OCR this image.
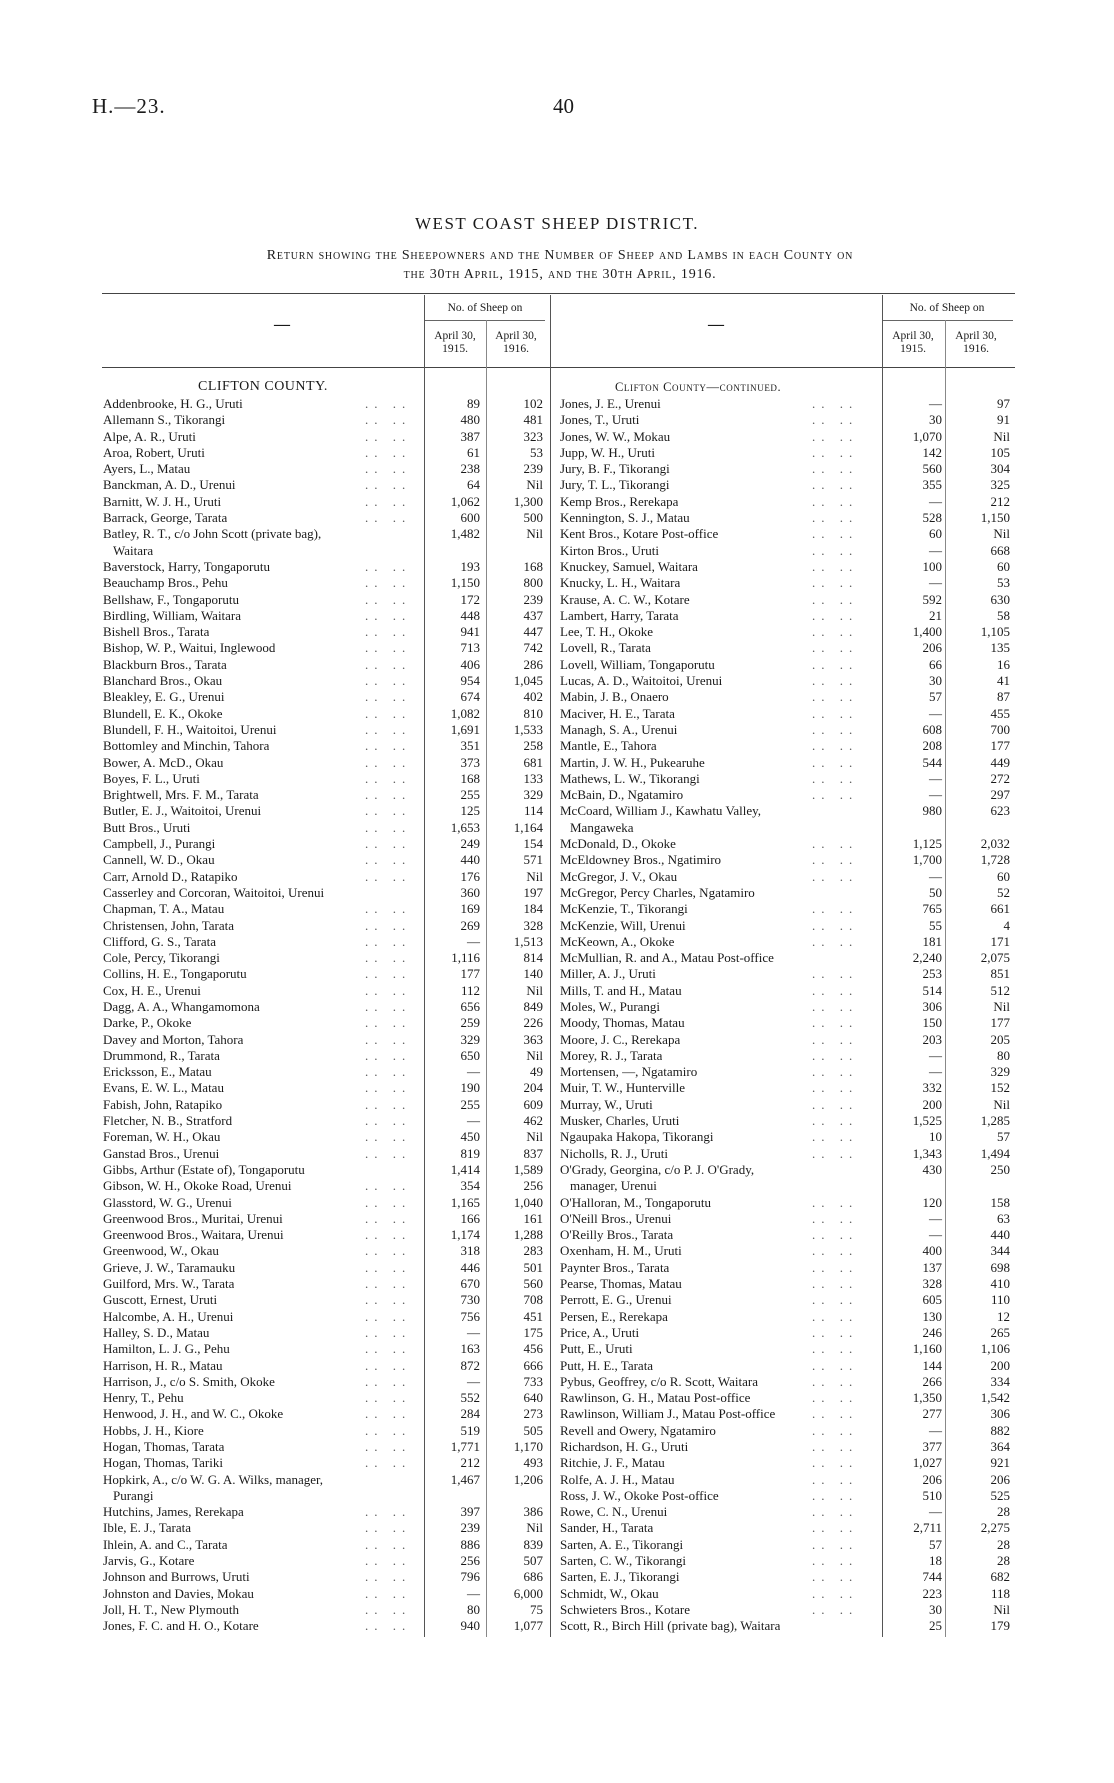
H.—23.	40
WEST COAST SHEEP DISTRICT.
Return showing the Sheepowners and the Number of Sheep and Lambs in each County on
the 30th April, 1915, and the 30th April, 1916.
—
No. of Sheep on
April 30, 1915.
April 30, 1916.
—
No. of Sheep on
April 30, 1915.
April 30, 1916.
CLIFTON COUNTY.	Clifton County—continued.
Addenbrooke, H. G., Uruti	.. ..	89	102
Allemann S., Tikorangi	.. ..	480	481
Alpe, A. R., Uruti	.. ..	387	323
Aroa, Robert, Uruti	.. ..	61	53
Ayers, L., Matau	.. ..	238	239
Banckman, A. D., Urenui	.. ..	64	Nil
Barnitt, W. J. H., Uruti	.. ..	1,062	1,300
Barrack, George, Tarata	.. ..	600	500
Batley, R. T., c/o John Scott (private bag),	1,482	Nil
Waitara
Baverstock, Harry, Tongaporutu	.. ..	193	168
Beauchamp Bros., Pehu	.. ..	1,150	800
Bellshaw, F., Tongaporutu	.. ..	172	239
Birdling, William, Waitara	.. ..	448	437
Bishell Bros., Tarata	.. ..	941	447
Bishop, W. P., Waitui, Inglewood	.. ..	713	742
Blackburn Bros., Tarata	.. ..	406	286
Blanchard Bros., Okau	.. ..	954	1,045
Bleakley, E. G., Urenui	.. ..	674	402
Blundell, E. K., Okoke	.. ..	1,082	810
Blundell, F. H., Waitoitoi, Urenui	.. ..	1,691	1,533
Bottomley and Minchin, Tahora	.. ..	351	258
Bower, A. McD., Okau	.. ..	373	681
Boyes, F. L., Uruti	.. ..	168	133
Brightwell, Mrs. F. M., Tarata	.. ..	255	329
Butler, E. J., Waitoitoi, Urenui	.. ..	125	114
Butt Bros., Uruti	.. ..	1,653	1,164
Campbell, J., Purangi	.. ..	249	154
Cannell, W. D., Okau	.. ..	440	571
Carr, Arnold D., Ratapiko	.. ..	176	Nil
Casserley and Corcoran, Waitoitoi, Urenui	360	197
Chapman, T. A., Matau	.. ..	169	184
Christensen, John, Tarata	.. ..	269	328
Clifford, G. S., Tarata	.. ..	—	1,513
Cole, Percy, Tikorangi	.. ..	1,116	814
Collins, H. E., Tongaporutu	.. ..	177	140
Cox, H. E., Urenui	.. ..	112	Nil
Dagg, A. A., Whangamomona	.. ..	656	849
Darke, P., Okoke	.. ..	259	226
Davey and Morton, Tahora	.. ..	329	363
Drummond, R., Tarata	.. ..	650	Nil
Ericksson, E., Matau	.. ..	—	49
Evans, E. W. L., Matau	.. ..	190	204
Fabish, John, Ratapiko	.. ..	255	609
Fletcher, N. B., Stratford	.. ..	—	462
Foreman, W. H., Okau	.. ..	450	Nil
Ganstad Bros., Urenui	.. ..	819	837
Gibbs, Arthur (Estate of), Tongaporutu	1,414	1,589
Gibson, W. H., Okoke Road, Urenui	.. ..	354	256
Glasstord, W. G., Urenui	.. ..	1,165	1,040
Greenwood Bros., Muritai, Urenui	.. ..	166	161
Greenwood Bros., Waitara, Urenui	.. ..	1,174	1,288
Greenwood, W., Okau	.. ..	318	283
Grieve, J. W., Taramauku	.. ..	446	501
Guilford, Mrs. W., Tarata	.. ..	670	560
Guscott, Ernest, Uruti	.. ..	730	708
Halcombe, A. H., Urenui	.. ..	756	451
Halley, S. D., Matau	.. ..	—	175
Hamilton, L. J. G., Pehu	.. ..	163	456
Harrison, H. R., Matau	.. ..	872	666
Harrison, J., c/o S. Smith, Okoke	.. ..	—	733
Henry, T., Pehu	.. ..	552	640
Henwood, J. H., and W. C., Okoke	.. ..	284	273
Hobbs, J. H., Kiore	.. ..	519	505
Hogan, Thomas, Tarata	.. ..	1,771	1,170
Hogan, Thomas, Tariki	.. ..	212	493
Hopkirk, A., c/o W. G. A. Wilks, manager,	1,467	1,206
Purangi
Hutchins, James, Rerekapa	.. ..	397	386
Ible, E. J., Tarata	.. ..	239	Nil
Ihlein, A. and C., Tarata	.. ..	886	839
Jarvis, G., Kotare	.. ..	256	507
Johnson and Burrows, Uruti	.. ..	796	686
Johnston and Davies, Mokau	.. ..	—	6,000
Joll, H. T., New Plymouth	.. ..	80	75
Jones, F. C. and H. O., Kotare	.. ..	940	1,077
Jones, J. E., Urenui	.. ..	—	97
Jones, T., Uruti	.. ..	30	91
Jones, W. W., Mokau	.. ..	1,070	Nil
Jupp, W. H., Uruti	.. ..	142	105
Jury, B. F., Tikorangi	.. ..	560	304
Jury, T. L., Tikorangi	.. ..	355	325
Kemp Bros., Rerekapa	.. ..	—	212
Kennington, S. J., Matau	.. ..	528	1,150
Kent Bros., Kotare Post-office	.. ..	60	Nil
Kirton Bros., Uruti	.. ..	—	668
Knuckey, Samuel, Waitara	.. ..	100	60
Knucky, L. H., Waitara	.. ..	—	53
Krause, A. C. W., Kotare	.. ..	592	630
Lambert, Harry, Tarata	.. ..	21	58
Lee, T. H., Okoke	.. ..	1,400	1,105
Lovell, R., Tarata	.. ..	206	135
Lovell, William, Tongaporutu	.. ..	66	16
Lucas, A. D., Waitoitoi, Urenui	.. ..	30	41
Mabin, J. B., Onaero	.. ..	57	87
Maciver, H. E., Tarata	.. ..	—	455
Managh, S. A., Urenui	.. ..	608	700
Mantle, E., Tahora	.. ..	208	177
Martin, J. W. H., Pukearuhe	.. ..	544	449
Mathews, L. W., Tikorangi	.. ..	—	272
McBain, D., Ngatamiro	.. ..	—	297
McCoard, William J., Kawhatu Valley,	980	623
Mangaweka
McDonald, D., Okoke	.. ..	1,125	2,032
McEldowney Bros., Ngatimiro	.. ..	1,700	1,728
McGregor, J. V., Okau	.. ..	—	60
McGregor, Percy Charles, Ngatamiro	50	52
McKenzie, T., Tikorangi	.. ..	765	661
McKenzie, Will, Urenui	.. ..	55	4
McKeown, A., Okoke	.. ..	181	171
McMullian, R. and A., Matau Post-office	2,240	2,075
Miller, A. J., Uruti	.. ..	253	851
Mills, T. and H., Matau	.. ..	514	512
Moles, W., Purangi	.. ..	306	Nil
Moody, Thomas, Matau	.. ..	150	177
Moore, J. C., Rerekapa	.. ..	203	205
Morey, R. J., Tarata	.. ..	—	80
Mortensen, —, Ngatamiro	.. ..	—	329
Muir, T. W., Hunterville	.. ..	332	152
Murray, W., Uruti	.. ..	200	Nil
Musker, Charles, Uruti	.. ..	1,525	1,285
Ngaupaka Hakopa, Tikorangi	.. ..	10	57
Nicholls, R. J., Uruti	.. ..	1,343	1,494
O'Grady, Georgina, c/o P. J. O'Grady,	430	250
manager, Urenui
O'Halloran, M., Tongaporutu	.. ..	120	158
O'Neill Bros., Urenui	.. ..	—	63
O'Reilly Bros., Tarata	.. ..	—	440
Oxenham, H. M., Uruti	.. ..	400	344
Paynter Bros., Tarata	.. ..	137	698
Pearse, Thomas, Matau	.. ..	328	410
Perrott, E. G., Urenui	.. ..	605	110
Persen, E., Rerekapa	.. ..	130	12
Price, A., Uruti	.. ..	246	265
Putt, E., Uruti	.. ..	1,160	1,106
Putt, H. E., Tarata	.. ..	144	200
Pybus, Geoffrey, c/o R. Scott, Waitara	.. ..	266	334
Rawlinson, G. H., Matau Post-office	.. ..	1,350	1,542
Rawlinson, William J., Matau Post-office	.. ..	277	306
Revell and Owery, Ngatamiro	.. ..	—	882
Richardson, H. G., Uruti	.. ..	377	364
Ritchie, J. F., Matau	.. ..	1,027	921
Rolfe, A. J. H., Matau	.. ..	206	206
Ross, J. W., Okoke Post-office	.. ..	510	525
Rowe, C. N., Urenui	.. ..	—	28
Sander, H., Tarata	.. ..	2,711	2,275
Sarten, A. E., Tikorangi	.. ..	57	28
Sarten, C. W., Tikorangi	.. ..	18	28
Sarten, E. J., Tikorangi	.. ..	744	682
Schmidt, W., Okau	.. ..	223	118
Schwieters Bros., Kotare	.. ..	30	Nil
Scott, R., Birch Hill (private bag), Waitara	25	179
